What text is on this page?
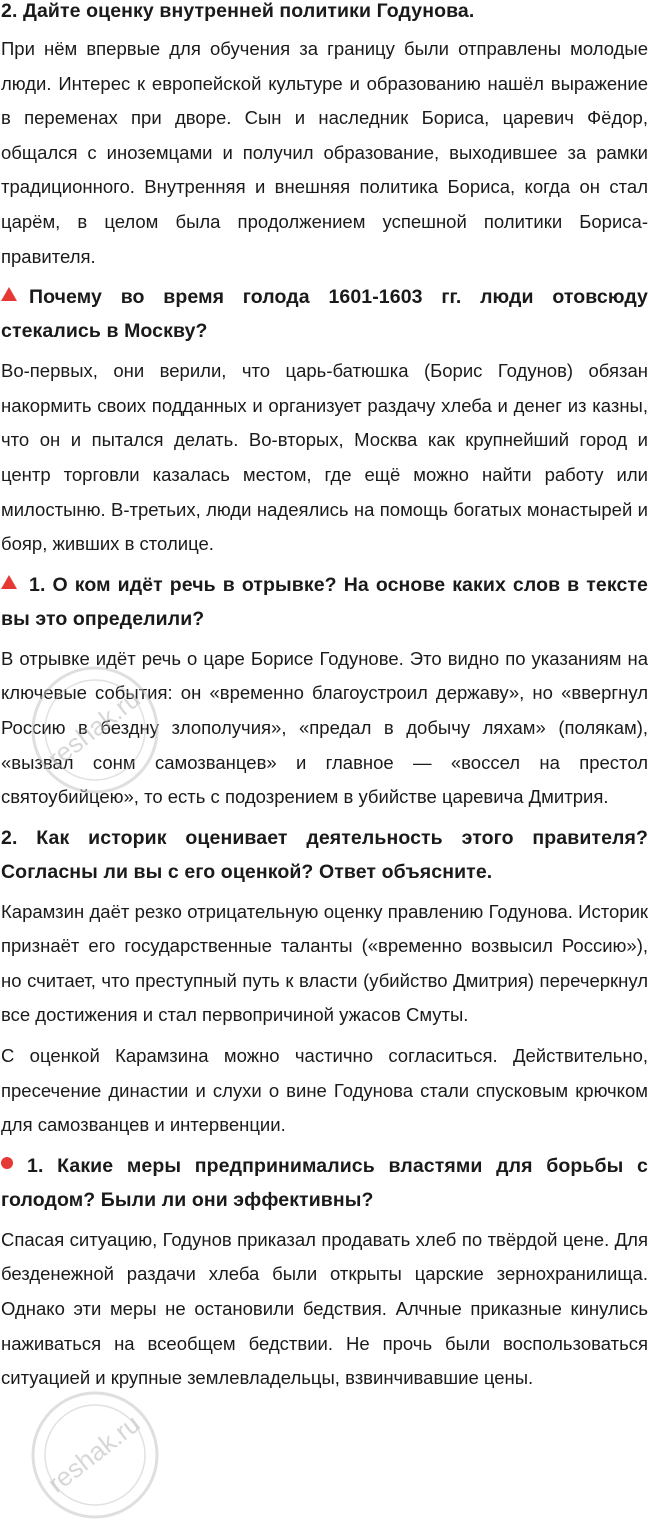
2. Дайте оценку внутренней политики Годунова.

При нём впервые для обучения за границу были отправлены молодые люди. Интерес к европейской культуре и образованию нашёл выражение в переменах при дворе. Сын и наследник Бориса, царевич Фёдор, общался с иноземцами и получил образование, выходившее за рамки традиционного. Внутренняя и внешняя политика Бориса, когда он стал царём, в целом была продолжением успешной политики Бориса-правителя.

Почему во время голода 1601-1603 гг. люди отовсюду стекались в Москву?

Во-первых, они верили, что царь-батюшка (Борис Годунов) обязан накормить своих подданных и организует раздачу хлеба и денег из казны, что он и пытался делать. Во-вторых, Москва как крупнейший город и центр торговли казалась местом, где ещё можно найти работу или милостыню. В-третьих, люди надеялись на помощь богатых монастырей и бояр, живших в столице.

1. О ком идёт речь в отрывке? На основе каких слов в тексте вы это определили?

В отрывке идёт речь о царе Борисе Годунове. Это видно по указаниям на ключевые события: он «временно благоустроил державу», но «ввергнул Россию в бездну злополучия», «предал в добычу ляхам» (полякам), «вызвал сонм самозванцев» и главное — «воссел на престол святоубийцею», то есть с подозрением в убийстве царевича Дмитрия.

2. Как историк оценивает деятельность этого правителя? Согласны ли вы с его оценкой? Ответ объясните.

Карамзин даёт резко отрицательную оценку правлению Годунова. Историк признаёт его государственные таланты («временно возвысил Россию»), но считает, что преступный путь к власти (убийство Дмитрия) перечеркнул все достижения и стал первопричиной ужасов Смуты.

С оценкой Карамзина можно частично согласиться. Действительно, пресечение династии и слухи о вине Годунова стали спусковым крючком для самозванцев и интервенции.

1. Какие меры предпринимались властями для борьбы с голодом? Были ли они эффективны?

Спасая ситуацию, Годунов приказал продавать хлеб по твёрдой цене. Для безденежной раздачи хлеба были открыты царские зернохранилища. Однако эти меры не остановили бедствия. Алчные приказные кинулись наживаться на всеобщем бедствии. Не прочь были воспользоваться ситуацией и крупные землевладельцы, взвинчивавшие цены.

reshak.ru
reshak.ru
